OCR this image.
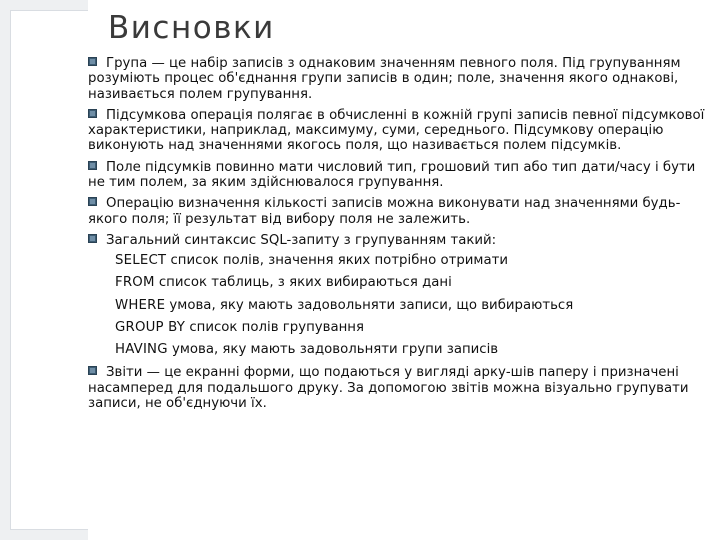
Висновки

Група — це набір записів з однаковим значенням певного поля. Під групуванням розуміють процес об'єднання групи записів в один; поле, значення якого однакові, називається полем групування.

Підсумкова операція полягає в обчисленні в кожній групі записів певної підсумкової характеристики, наприклад, максимуму, суми, середнього. Підсумкову операцію виконують над значеннями якогось поля, що називається полем підсумків.

Поле підсумків повинно мати числовий тип, грошовий тип або тип дати/часу і бути не тим полем, за яким здійснювалося групування.

Операцію визначення кількості записів можна виконувати над значеннями будь-якого поля; її результат від вибору поля не залежить.

Загальний синтаксис SQL-запиту з групуванням такий:

SELECT список полів, значення яких потрібно отримати

FROM список таблиць, з яких вибираються дані

WHERE умова, яку мають задовольняти записи, що вибираються

GROUP BY список полів групування

HAVING умова, яку мають задовольняти групи записів

Звіти — це екранні форми, що подаються у вигляді арку-шів паперу і призначені насамперед для подальшого друку. За допомогою звітів можна візуально групувати записи, не об'єднуючи їх.
